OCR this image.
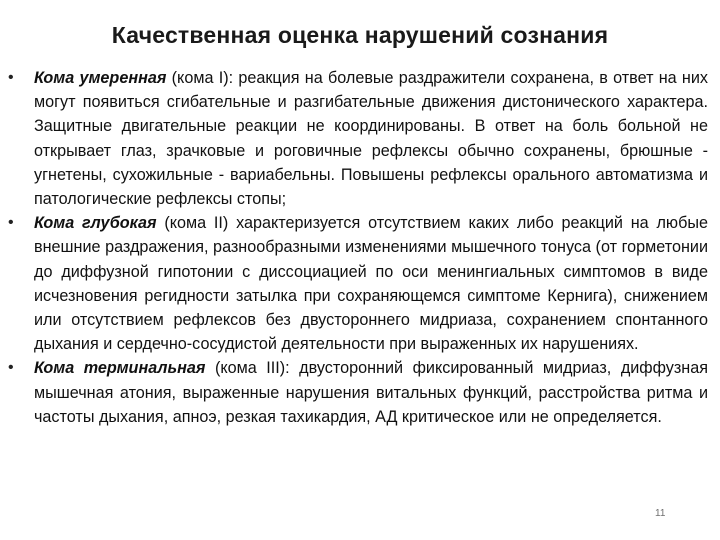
Качественная оценка нарушений сознания
•	Кома умеренная (кома I): реакция на болевые раздражители сохранена, в ответ на них могут появиться сгибательные и разгибательные движения дистонического характера. Защитные двигательные реакции не координированы. В ответ на боль больной не открывает глаз, зрачковые и роговичные рефлексы обычно сохранены, брюшные - угнетены, сухожильные - вариабельны. Повышены рефлексы орального автоматизма и патологические рефлексы стопы;
•	Кома глубокая (кома II) характеризуется отсутствием каких либо реакций на любые внешние раздражения, разнообразными изменениями мышечного тонуса (от горметонии до диффузной гипотонии с диссоциацией по оси менингиальных симптомов в виде исчезновения регидности затылка при сохраняющемся симптоме Кернига), снижением или отсутствием рефлексов без двустороннего мидриаза, сохранением спонтанного дыхания и сердечно-сосудистой деятельности при выраженных их нарушениях.
•	Кома терминальная (кома III): двусторонний фиксированный мидриаз, диффузная мышечная атония, выраженные нарушения витальных функций, расстройства ритма и частоты дыхания, апноэ, резкая тахикардия, АД критическое или не определяется.
11
